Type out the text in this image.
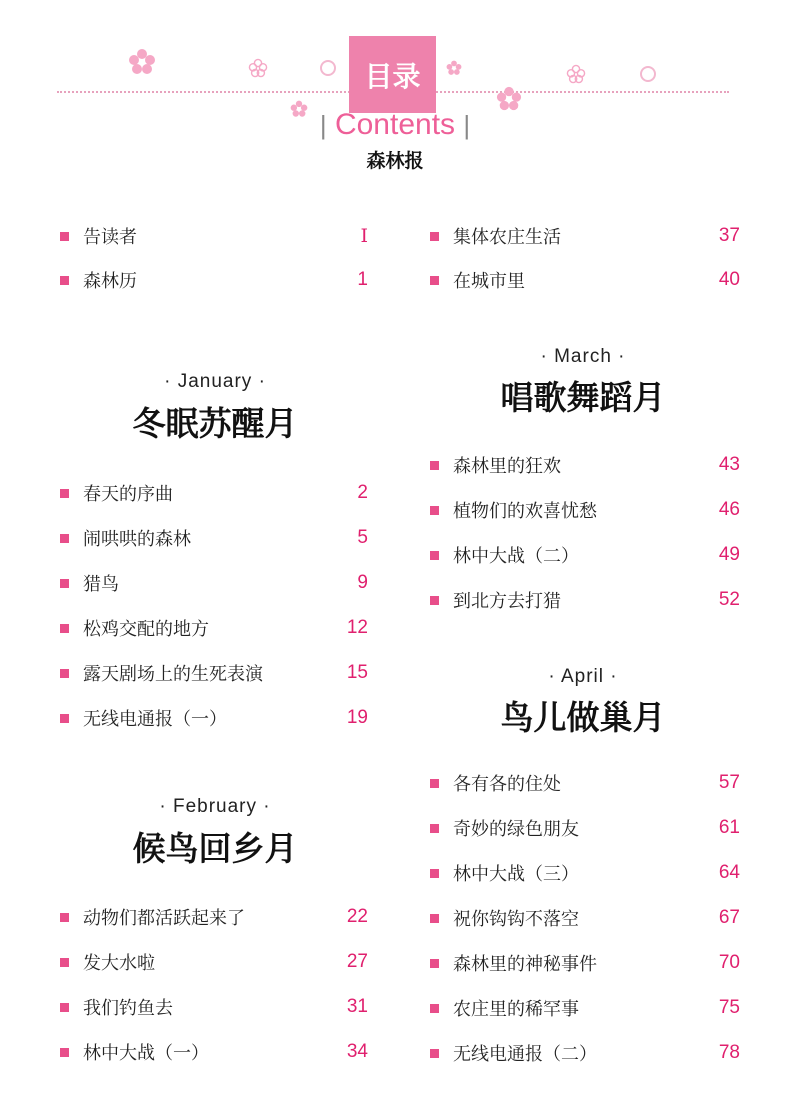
目录
| Contents |
森林报
告读者	I
森林历	1
· January ·
冬眠苏醒月
春天的序曲	2
闹哄哄的森林	5
猎鸟	9
松鸡交配的地方	12
露天剧场上的生死表演	15
无线电通报（一）	19
· February ·
候鸟回乡月
动物们都活跃起来了	22
发大水啦	27
我们钓鱼去	31
林中大战（一）	34
集体农庄生活	37
在城市里	40
· March ·
唱歌舞蹈月
森林里的狂欢	43
植物们的欢喜忧愁	46
林中大战（二）	49
到北方去打猎	52
· April ·
鸟儿做巢月
各有各的住处	57
奇妙的绿色朋友	61
林中大战（三）	64
祝你钩钩不落空	67
森林里的神秘事件	70
农庄里的稀罕事	75
无线电通报（二）	78
